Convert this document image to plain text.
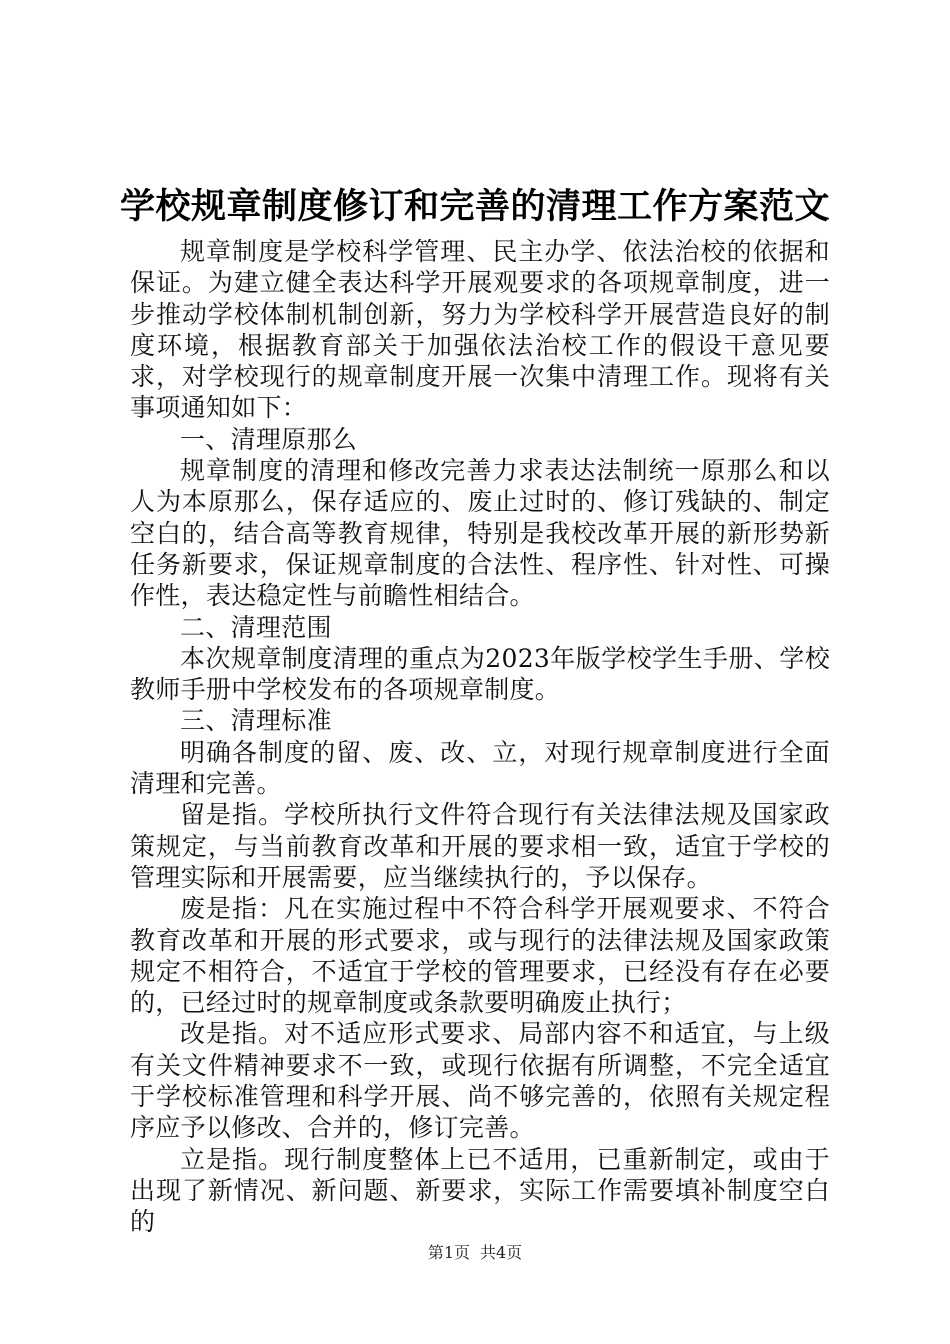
学校规章制度修订和完善的清理工作方案范文

规章制度是学校科学管理、民主办学、依法治校的依据和保证。为建立健全表达科学开展观要求的各项规章制度，进一步推动学校体制机制创新，努力为学校科学开展营造良好的制度环境，根据教育部关于加强依法治校工作的假设干意见要求，对学校现行的规章制度开展一次集中清理工作。现将有关事项通知如下：

一、清理原那么

规章制度的清理和修改完善力求表达法制统一原那么和以人为本原那么，保存适应的、废止过时的、修订残缺的、制定空白的，结合高等教育规律，特别是我校改革开展的新形势新任务新要求，保证规章制度的合法性、程序性、针对性、可操作性，表达稳定性与前瞻性相结合。

二、清理范围

本次规章制度清理的重点为2023年版学校学生手册、学校教师手册中学校发布的各项规章制度。

三、清理标准

明确各制度的留、废、改、立，对现行规章制度进行全面清理和完善。

留是指。学校所执行文件符合现行有关法律法规及国家政策规定，与当前教育改革和开展的要求相一致，适宜于学校的管理实际和开展需要，应当继续执行的，予以保存。

废是指：凡在实施过程中不符合科学开展观要求、不符合教育改革和开展的形式要求，或与现行的法律法规及国家政策规定不相符合，不适宜于学校的管理要求，已经没有存在必要的，已经过时的规章制度或条款要明确废止执行；

改是指。对不适应形式要求、局部内容不和适宜，与上级有关文件精神要求不一致，或现行依据有所调整，不完全适宜于学校标准管理和科学开展、尚不够完善的，依照有关规定程序应予以修改、合并的，修订完善。

立是指。现行制度整体上已不适用，已重新制定，或由于出现了新情况、新问题、新要求，实际工作需要填补制度空白的

第1页 共4页
